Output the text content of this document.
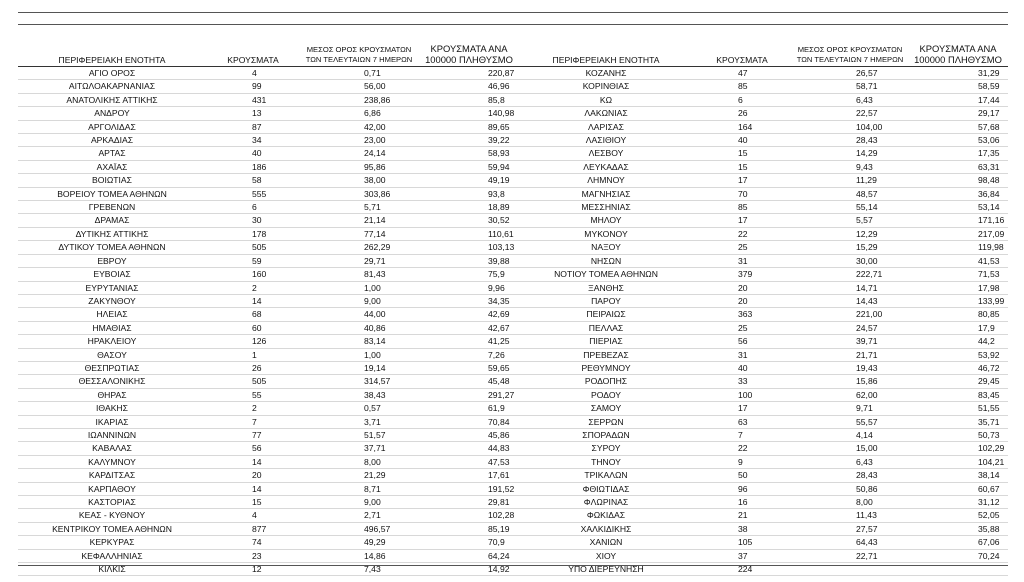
ΠΕΡΙΦΕΡΕΙΑΚΗ ΕΝΟΤΗΤΑ	ΚΡΟΥΣΜΑΤΑ	ΜΕΣΟΣ ΟΡΟΣ ΚΡΟΥΣΜΑΤΩΝ ΤΩΝ ΤΕΛΕΥΤΑΙΩΝ 7 ΗΜΕΡΩΝ	ΚΡΟΥΣΜΑΤΑ ΑΝΑ 100000 ΠΛΗΘΥΣΜΟ	ΠΕΡΙΦΕΡΕΙΑΚΗ ΕΝΟΤΗΤΑ	ΚΡΟΥΣΜΑΤΑ	ΜΕΣΟΣ ΟΡΟΣ ΚΡΟΥΣΜΑΤΩΝ ΤΩΝ ΤΕΛΕΥΤΑΙΩΝ 7 ΗΜΕΡΩΝ	ΚΡΟΥΣΜΑΤΑ ΑΝΑ 100000 ΠΛΗΘΥΣΜΟ
ΑΓΙΟ ΟΡΟΣ	4	0,71	220,87	ΚΟΖΑΝΗΣ	47	26,57	31,29
ΑΙΤΩΛΟΑΚΑΡΝΑΝΙΑΣ	99	56,00	46,96	ΚΟΡΙΝΘΙΑΣ	85	58,71	58,59
ΑΝΑΤΟΛΙΚΗΣ ΑΤΤΙΚΗΣ	431	238,86	85,8	ΚΩ	6	6,43	17,44
ΑΝΔΡΟΥ	13	6,86	140,98	ΛΑΚΩΝΙΑΣ	26	22,57	29,17
ΑΡΓΟΛΙΔΑΣ	87	42,00	89,65	ΛΑΡΙΣΑΣ	164	104,00	57,68
ΑΡΚΑΔΙΑΣ	34	23,00	39,22	ΛΑΣΙΘΙΟΥ	40	28,43	53,06
ΑΡΤΑΣ	40	24,14	58,93	ΛΕΣΒΟΥ	15	14,29	17,35
ΑΧΑΪΑΣ	186	95,86	59,94	ΛΕΥΚΑΔΑΣ	15	9,43	63,31
ΒΟΙΩΤΙΑΣ	58	38,00	49,19	ΛΗΜΝΟΥ	17	11,29	98,48
ΒΟΡΕΙΟΥ ΤΟΜΕΑ ΑΘΗΝΩΝ	555	303,86	93,8	ΜΑΓΝΗΣΙΑΣ	70	48,57	36,84
ΓΡΕΒΕΝΩΝ	6	5,71	18,89	ΜΕΣΣΗΝΙΑΣ	85	55,14	53,14
ΔΡΑΜΑΣ	30	21,14	30,52	ΜΗΛΟΥ	17	5,57	171,16
ΔΥΤΙΚΗΣ ΑΤΤΙΚΗΣ	178	77,14	110,61	ΜΥΚΟΝΟΥ	22	12,29	217,09
ΔΥΤΙΚΟΥ ΤΟΜΕΑ ΑΘΗΝΩΝ	505	262,29	103,13	ΝΑΞΟΥ	25	15,29	119,98
ΕΒΡΟΥ	59	29,71	39,88	ΝΗΣΩΝ	31	30,00	41,53
ΕΥΒΟΙΑΣ	160	81,43	75,9	ΝΟΤΙΟΥ ΤΟΜΕΑ ΑΘΗΝΩΝ	379	222,71	71,53
ΕΥΡΥΤΑΝΙΑΣ	2	1,00	9,96	ΞΑΝΘΗΣ	20	14,71	17,98
ΖΑΚΥΝΘΟΥ	14	9,00	34,35	ΠΑΡΟΥ	20	14,43	133,99
ΗΛΕΙΑΣ	68	44,00	42,69	ΠΕΙΡΑΙΩΣ	363	221,00	80,85
ΗΜΑΘΙΑΣ	60	40,86	42,67	ΠΕΛΛΑΣ	25	24,57	17,9
ΗΡΑΚΛΕΙΟΥ	126	83,14	41,25	ΠΙΕΡΙΑΣ	56	39,71	44,2
ΘΑΣΟΥ	1	1,00	7,26	ΠΡΕΒΕΖΑΣ	31	21,71	53,92
ΘΕΣΠΡΩΤΙΑΣ	26	19,14	59,65	ΡΕΘΥΜΝΟΥ	40	19,43	46,72
ΘΕΣΣΑΛΟΝΙΚΗΣ	505	314,57	45,48	ΡΟΔΟΠΗΣ	33	15,86	29,45
ΘΗΡΑΣ	55	38,43	291,27	ΡΟΔΟΥ	100	62,00	83,45
ΙΘΑΚΗΣ	2	0,57	61,9	ΣΑΜΟΥ	17	9,71	51,55
ΙΚΑΡΙΑΣ	7	3,71	70,84	ΣΕΡΡΩΝ	63	55,57	35,71
ΙΩΑΝΝΙΝΩΝ	77	51,57	45,86	ΣΠΟΡΑΔΩΝ	7	4,14	50,73
ΚΑΒΑΛΑΣ	56	37,71	44,83	ΣΥΡΟΥ	22	15,00	102,29
ΚΑΛΥΜΝΟΥ	14	8,00	47,53	ΤΗΝΟΥ	9	6,43	104,21
ΚΑΡΔΙΤΣΑΣ	20	21,29	17,61	ΤΡΙΚΑΛΩΝ	50	28,43	38,14
ΚΑΡΠΑΘΟΥ	14	8,71	191,52	ΦΘΙΩΤΙΔΑΣ	96	50,86	60,67
ΚΑΣΤΟΡΙΑΣ	15	9,00	29,81	ΦΛΩΡΙΝΑΣ	16	8,00	31,12
ΚΕΑΣ - ΚΥΘΝΟΥ	4	2,71	102,28	ΦΩΚΙΔΑΣ	21	11,43	52,05
ΚΕΝΤΡΙΚΟΥ ΤΟΜΕΑ ΑΘΗΝΩΝ	877	496,57	85,19	ΧΑΛΚΙΔΙΚΗΣ	38	27,57	35,88
ΚΕΡΚΥΡΑΣ	74	49,29	70,9	ΧΑΝΙΩΝ	105	64,43	67,06
ΚΕΦΑΛΛΗΝΙΑΣ	23	14,86	64,24	ΧΙΟΥ	37	22,71	70,24
ΚΙΛΚΙΣ	12	7,43	14,92	ΥΠΟ ΔΙΕΡΕΥΝΗΣΗ	224		
